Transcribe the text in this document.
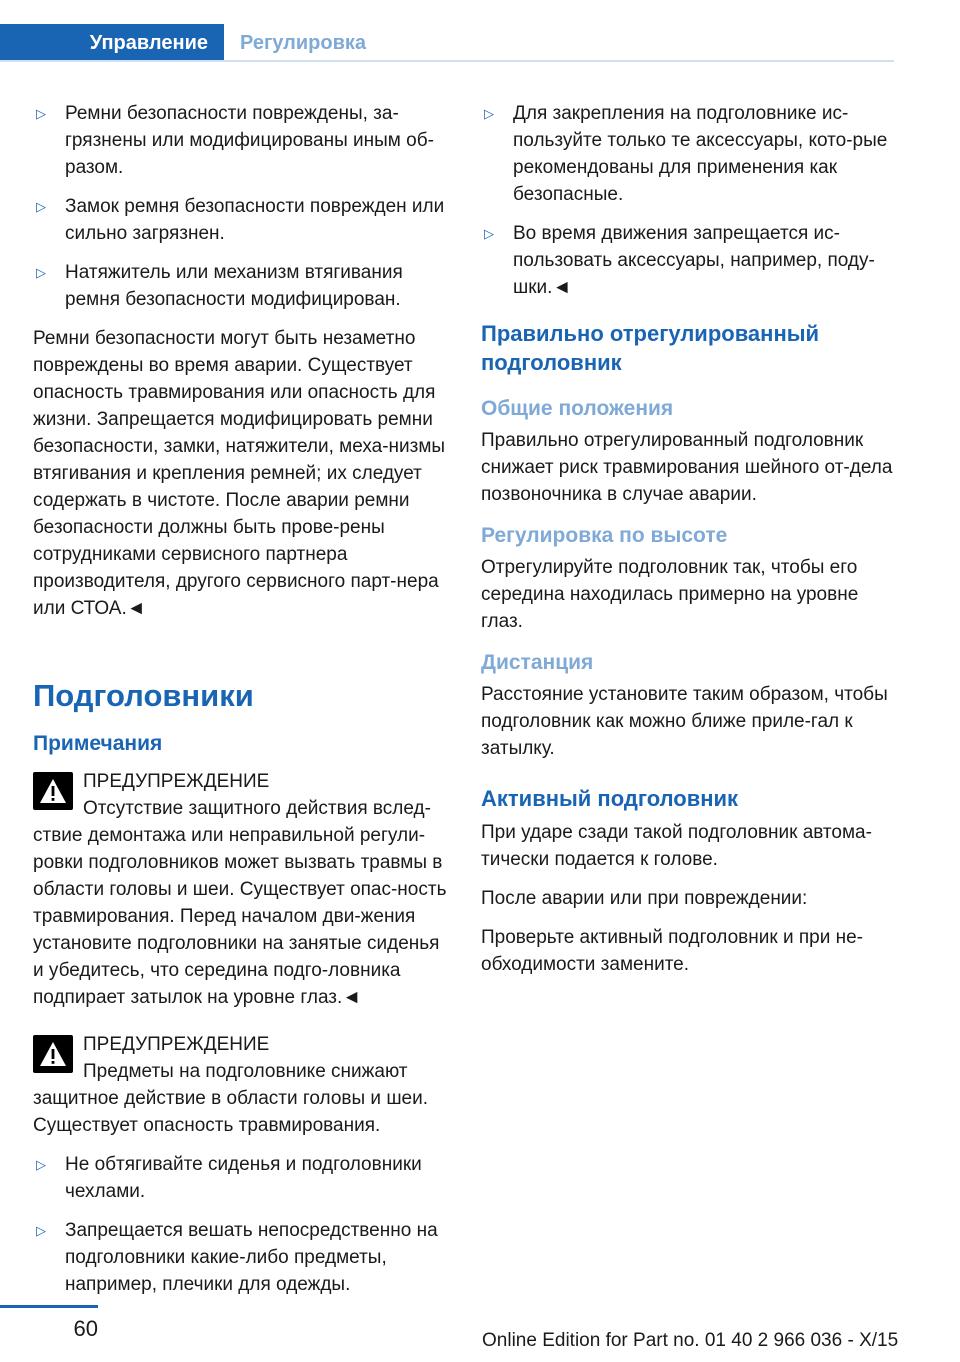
Управление	Регулировка
▷ Ремни безопасности повреждены, за-грязнены или модифицированы иным об-разом.
▷ Замок ремня безопасности поврежден или сильно загрязнен.
▷ Натяжитель или механизм втягивания ремня безопасности модифицирован.

Ремни безопасности могут быть незаметно повреждены во время аварии. Существует опасность травмирования или опасность для жизни. Запрещается модифицировать ремни безопасности, замки, натяжители, меха-низмы втягивания и крепления ремней; их следует содержать в чистоте. После аварии ремни безопасности должны быть прове-рены сотрудниками сервисного партнера производителя, другого сервисного парт-нера или СТОА.◄

Подголовники
Примечания
ПРЕДУПРЕЖДЕНИЕ

Отсутствие защитного действия вслед-ствие демонтажа или неправильной регули-ровки подголовников может вызвать травмы в области головы и шеи. Существует опас-ность травмирования. Перед началом дви-жения установите подголовники на занятые сиденья и убедитесь, что середина подго-ловника подпирает затылок на уровне глаз.◄

ПРЕДУПРЕЖДЕНИЕ

Предметы на подголовнике снижают защитное действие в области головы и шеи. Существует опасность травмирования.

▷ Не обтягивайте сиденья и подголовники чехлами.
▷ Запрещается вешать непосредственно на подголовники какие-либо предметы, например, плечики для одежды.
▷ Для закрепления на подголовнике ис-пользуйте только те аксессуары, кото-рые рекомендованы для применения как безопасные.
▷ Во время движения запрещается ис-пользовать аксессуары, например, поду-шки.◄
Правильно отрегулированный подголовник
Общие положения

Правильно отрегулированный подголовник снижает риск травмирования шейного от-дела позвоночника в случае аварии.

Регулировка по высоте

Отрегулируйте подголовник так, чтобы его середина находилась примерно на уровне глаз.

Дистанция

Расстояние установите таким образом, чтобы подголовник как можно ближе приле-гал к затылку.

Активный подголовник

При ударе сзади такой подголовник автома-тически подается к голове.

После аварии или при повреждении:

Проверьте активный подголовник и при не-обходимости замените.

60	Online Edition for Part no. 01 40 2 966 036 - X/15
